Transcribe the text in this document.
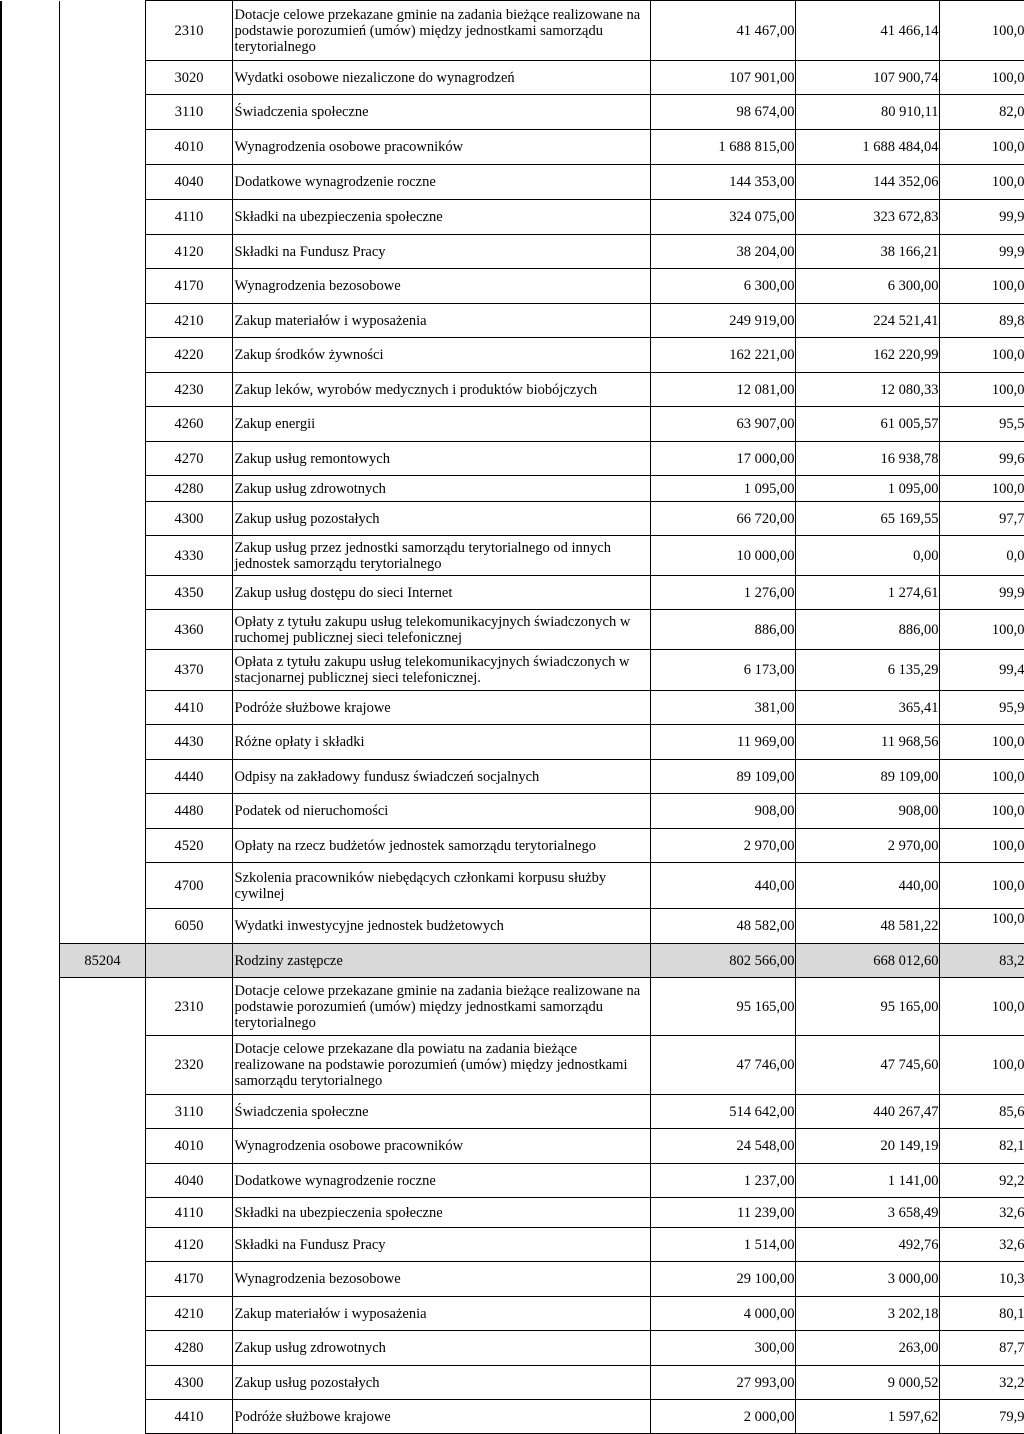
		2310	Dotacje celowe przekazane gminie na zadania bieżące realizowane na podstawie porozumień (umów) między jednostkami samorządu terytorialnego	41 467,00	41 466,14	100,0
		3020	Wydatki osobowe niezaliczone do wynagrodzeń	107 901,00	107 900,74	100,0
		3110	Świadczenia społeczne	98 674,00	80 910,11	82,0
		4010	Wynagrodzenia osobowe pracowników	1 688 815,00	1 688 484,04	100,0
		4040	Dodatkowe wynagrodzenie roczne	144 353,00	144 352,06	100,0
		4110	Składki na ubezpieczenia społeczne	324 075,00	323 672,83	99,9
		4120	Składki na Fundusz Pracy	38 204,00	38 166,21	99,9
		4170	Wynagrodzenia bezosobowe	6 300,00	6 300,00	100,0
		4210	Zakup materiałów i wyposażenia	249 919,00	224 521,41	89,8
		4220	Zakup środków żywności	162 221,00	162 220,99	100,0
		4230	Zakup leków, wyrobów medycznych i produktów biobójczych	12 081,00	12 080,33	100,0
		4260	Zakup energii	63 907,00	61 005,57	95,5
		4270	Zakup usług remontowych	17 000,00	16 938,78	99,6
		4280	Zakup usług zdrowotnych	1 095,00	1 095,00	100,0
		4300	Zakup usług pozostałych	66 720,00	65 169,55	97,7
		4330	Zakup usług przez jednostki samorządu terytorialnego od innych jednostek samorządu terytorialnego	10 000,00	0,00	0,0
		4350	Zakup usług dostępu do sieci Internet	1 276,00	1 274,61	99,9
		4360	Opłaty z tytułu zakupu usług telekomunikacyjnych świadczonych w ruchomej publicznej sieci telefonicznej	886,00	886,00	100,0
		4370	Opłata z tytułu zakupu usług telekomunikacyjnych świadczonych w stacjonarnej publicznej sieci telefonicznej.	6 173,00	6 135,29	99,4
		4410	Podróże służbowe krajowe	381,00	365,41	95,9
		4430	Różne opłaty i składki	11 969,00	11 968,56	100,0
		4440	Odpisy na zakładowy fundusz świadczeń socjalnych	89 109,00	89 109,00	100,0
		4480	Podatek od nieruchomości	908,00	908,00	100,0
		4520	Opłaty na rzecz budżetów jednostek samorządu terytorialnego	2 970,00	2 970,00	100,0
		4700	Szkolenia pracowników niebędących członkami korpusu służby cywilnej	440,00	440,00	100,0
		6050	Wydatki inwestycyjne jednostek budżetowych	48 582,00	48 581,22	100,0
	85204		Rodziny zastępcze	802 566,00	668 012,60	83,2
		2310	Dotacje celowe przekazane gminie na zadania bieżące realizowane na podstawie porozumień (umów) między jednostkami samorządu terytorialnego	95 165,00	95 165,00	100,0
		2320	Dotacje celowe przekazane dla powiatu na zadania bieżące realizowane na podstawie porozumień (umów) między jednostkami samorządu terytorialnego	47 746,00	47 745,60	100,0
		3110	Świadczenia społeczne	514 642,00	440 267,47	85,6
		4010	Wynagrodzenia osobowe pracowników	24 548,00	20 149,19	82,1
		4040	Dodatkowe wynagrodzenie roczne	1 237,00	1 141,00	92,2
		4110	Składki na ubezpieczenia społeczne	11 239,00	3 658,49	32,6
		4120	Składki na Fundusz Pracy	1 514,00	492,76	32,6
		4170	Wynagrodzenia bezosobowe	29 100,00	3 000,00	10,3
		4210	Zakup materiałów i wyposażenia	4 000,00	3 202,18	80,1
		4280	Zakup usług zdrowotnych	300,00	263,00	87,7
		4300	Zakup usług pozostałych	27 993,00	9 000,52	32,2
		4410	Podróże służbowe krajowe	2 000,00	1 597,62	79,9
